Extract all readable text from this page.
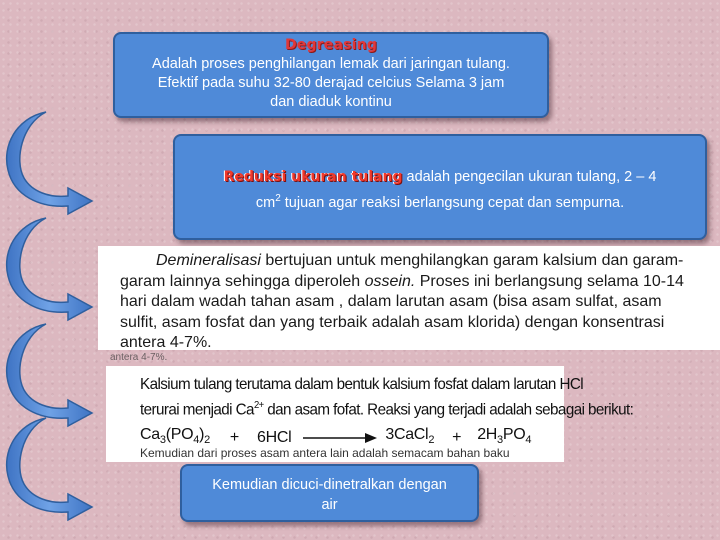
Degreasing
Adalah proses penghilangan lemak dari jaringan tulang.
Efektif pada suhu 32-80 derajad celcius Selama 3 jam
dan diaduk kontinu
Reduksi ukuran tulang adalah pengecilan ukuran tulang, 2 – 4
$cm^2$ tujuan agar reaksi berlangsung cepat dan sempurna.
Demineralisasi bertujuan untuk menghilangkan garam kalsium dan garam-
garam lainnya sehingga diperoleh ossein. Proses ini berlangsung selama 10-14
hari dalam wadah tahan asam , dalam larutan asam (bisa asam sulfat, asam
sulfit, asam fosfat dan yang terbaik adalah asam klorida) dengan konsentrasi
antera 4-7%.
antera 4-7%.
Kalsium tulang terutama dalam bentuk kalsium fosfat dalam larutan HCl
terurai menjadi $Ca^{2+}$ dan asam fofat. Reaksi yang terjadi adalah sebagai berikut:
$Ca_3(PO_4)_2 + 6HCl$	3CaCl$_2$ + $2H_3PO_4$
Kemudian dari proses asam antera lain adalah semacam bahan baku
Kemudian dicuci-dinetralkan dengan
air
